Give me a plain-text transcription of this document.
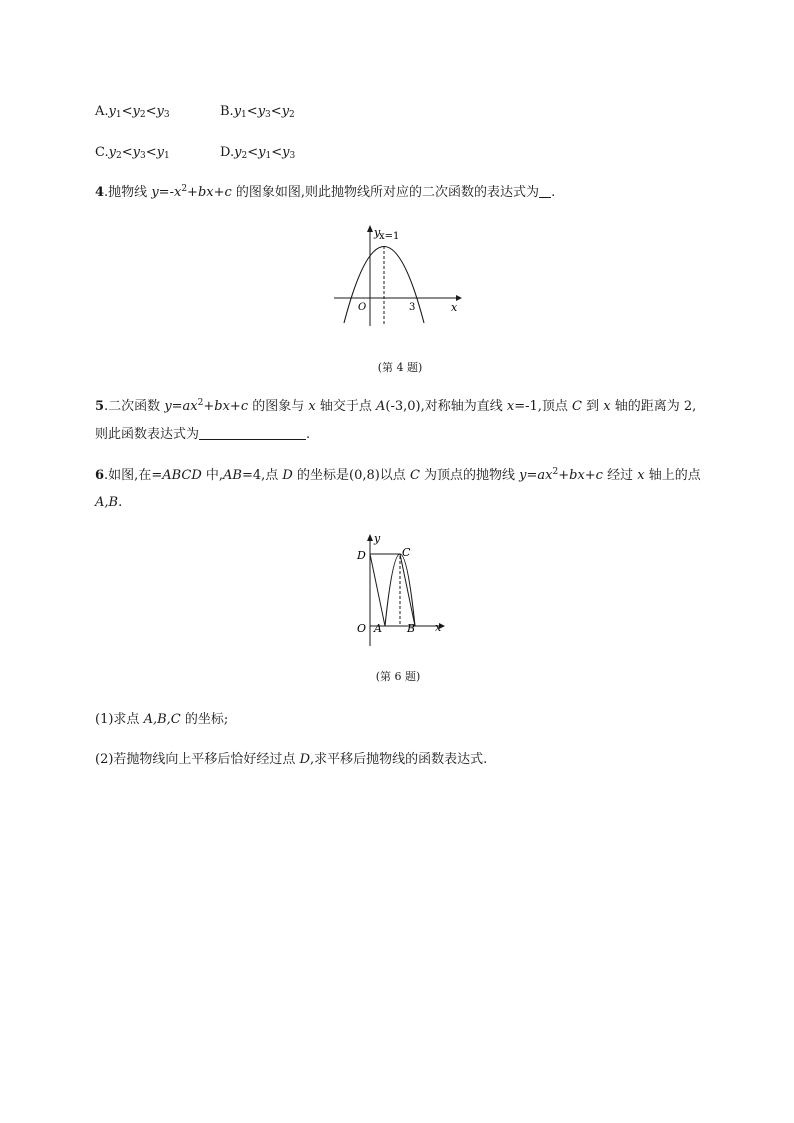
$A.y_1<y_2<y_3$	$B.y_1<y_3<y_2$
$C.y_2<y_3<y_1$	$D.y_2<y_1<y_3$
4.抛物线 $y=-x^2+bx+c$ 的图象如图,则此抛物线所对应的二次函数的表达式为 .
y
x=1
O	3	x
(第 4 题)
5.二次函数 $y=ax^2+bx+c$ 的图象与 x 轴交于点 A(-3,0),对称轴为直线 x=-1,顶点 C 到 x 轴的距离为 2,
则此函数表达式为	.
6.如图,在=ABCD 中,AB=4,点 D 的坐标是(0,8)以点 C 为顶点的抛物线 $y=ax^2+bx+c$ 经过 x 轴上的点
A,B.
y
D	C
O A B x
(第 6 题)
(1)求点 A,B,C 的坐标;
(2)若抛物线向上平移后恰好经过点 D,求平移后抛物线的函数表达式.
